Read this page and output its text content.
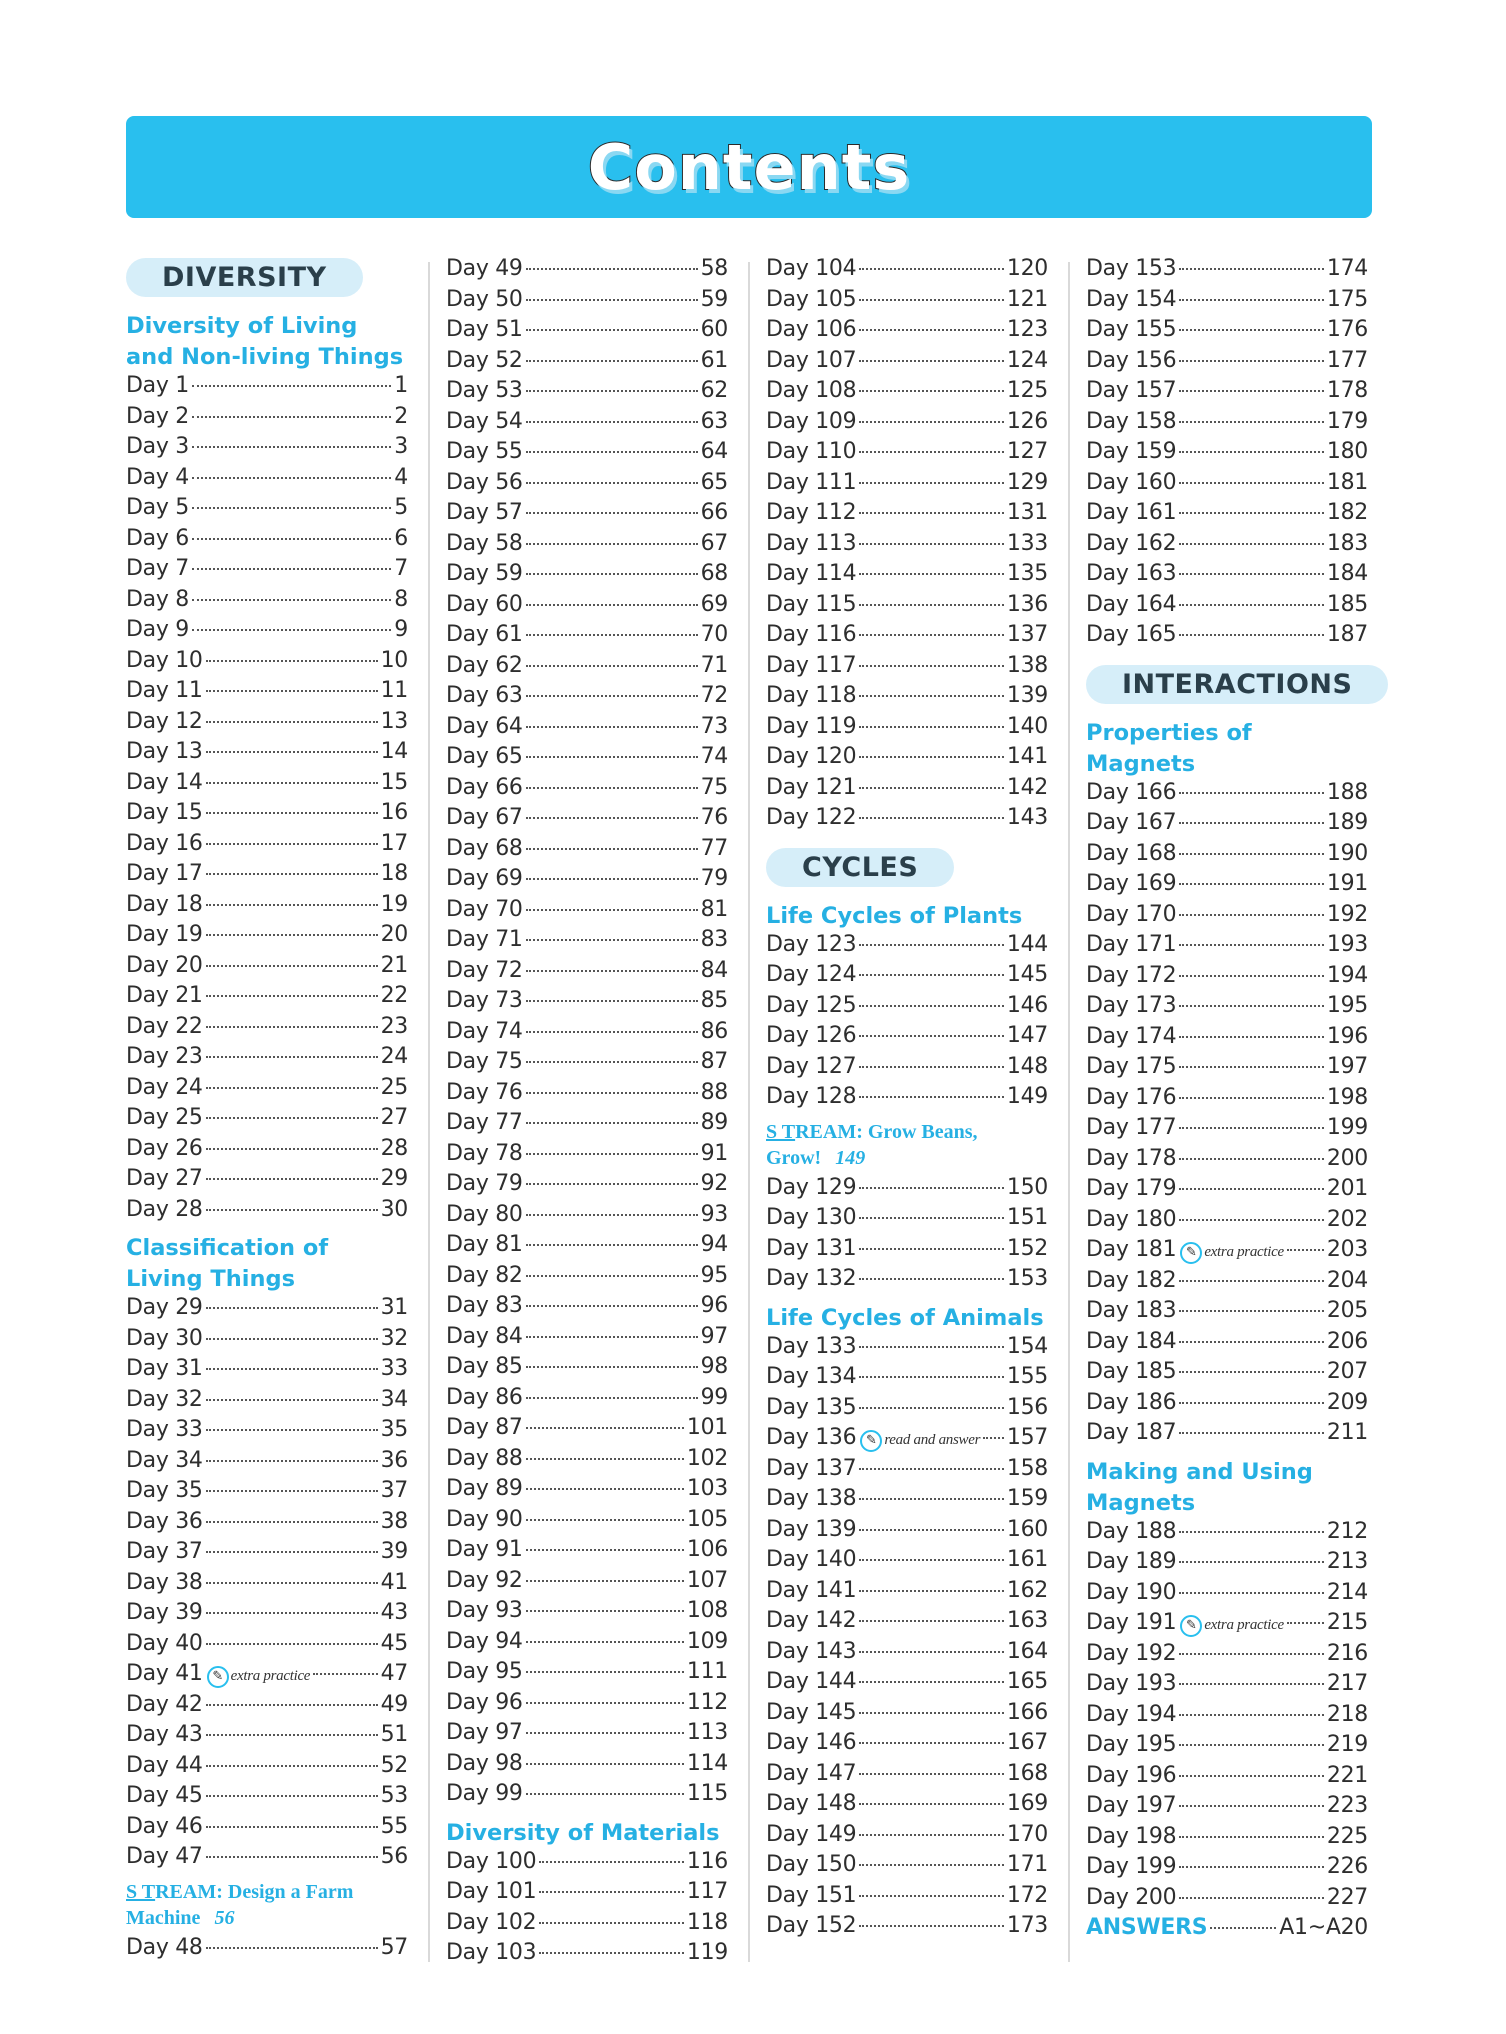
Contents
DIVERSITY
Diversity of Living and Non-living Things
Day 1	1
Day 2	2
Day 3	3
Day 4	4
Day 5	5
Day 6	6
Day 7	7
Day 8	8
Day 9	9
Day 10	10
Day 11	11
Day 12	13
Day 13	14
Day 14	15
Day 15	16
Day 16	17
Day 17	18
Day 18	19
Day 19	20
Day 20	21
Day 21	22
Day 22	23
Day 23	24
Day 24	25
Day 25	27
Day 26	28
Day 27	29
Day 28	30
Classification of Living Things
Day 29	31
Day 30	32
Day 31	33
Day 32	34
Day 33	35
Day 34	36
Day 35	37
Day 36	38
Day 37	39
Day 38	41
Day 39	43
Day 40	45
Day 41 ✎ extra practice	47
Day 42	49
Day 43	51
Day 44	52
Day 45	53
Day 46	55
Day 47	56
S TREAM: Design a Farm Machine 56
Day 48	57
Day 49	58
Day 50	59
Day 51	60
Day 52	61
Day 53	62
Day 54	63
Day 55	64
Day 56	65
Day 57	66
Day 58	67
Day 59	68
Day 60	69
Day 61	70
Day 62	71
Day 63	72
Day 64	73
Day 65	74
Day 66	75
Day 67	76
Day 68	77
Day 69	79
Day 70	81
Day 71	83
Day 72	84
Day 73	85
Day 74	86
Day 75	87
Day 76	88
Day 77	89
Day 78	91
Day 79	92
Day 80	93
Day 81	94
Day 82	95
Day 83	96
Day 84	97
Day 85	98
Day 86	99
Day 87	101
Day 88	102
Day 89	103
Day 90	105
Day 91	106
Day 92	107
Day 93	108
Day 94	109
Day 95	111
Day 96	112
Day 97	113
Day 98	114
Day 99	115
Diversity of Materials
Day 100	116
Day 101	117
Day 102	118
Day 103	119
Day 104	120
Day 105	121
Day 106	123
Day 107	124
Day 108	125
Day 109	126
Day 110	127
Day 111	129
Day 112	131
Day 113	133
Day 114	135
Day 115	136
Day 116	137
Day 117	138
Day 118	139
Day 119	140
Day 120	141
Day 121	142
Day 122	143
CYCLES
Life Cycles of Plants
Day 123	144
Day 124	145
Day 125	146
Day 126	147
Day 127	148
Day 128	149
S TREAM: Grow Beans, Grow! 149
Day 129	150
Day 130	151
Day 131	152
Day 132	153
Life Cycles of Animals
Day 133	154
Day 134	155
Day 135	156
Day 136 ✎ read and answer 157
Day 137	158
Day 138	159
Day 139	160
Day 140	161
Day 141	162
Day 142	163
Day 143	164
Day 144	165
Day 145	166
Day 146	167
Day 147	168
Day 148	169
Day 149	170
Day 150	171
Day 151	172
Day 152	173
Day 153	174
Day 154	175
Day 155	176
Day 156	177
Day 157	178
Day 158	179
Day 159	180
Day 160	181
Day 161	182
Day 162	183
Day 163	184
Day 164	185
Day 165	187
INTERACTIONS
Properties of Magnets
Day 166	188
Day 167	189
Day 168	190
Day 169	191
Day 170	192
Day 171	193
Day 172	194
Day 173	195
Day 174	196
Day 175	197
Day 176	198
Day 177	199
Day 178	200
Day 179	201
Day 180	202
Day 181 ✎ extra practice 203
Day 182	204
Day 183	205
Day 184	206
Day 185	207
Day 186	209
Day 187	211
Making and Using Magnets
Day 188	212
Day 189	213
Day 190	214
Day 191 ✎ extra practice 215
Day 192	216
Day 193	217
Day 194	218
Day 195	219
Day 196	221
Day 197	223
Day 198	225
Day 199	226
Day 200	227
ANSWERS	A1~A20
